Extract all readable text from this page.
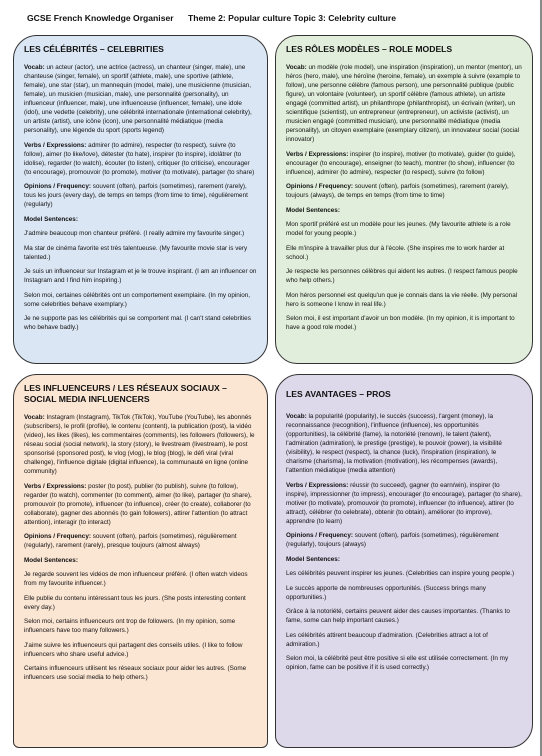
GCSE French Knowledge Organiser Theme 2: Popular culture Topic 3: Celebrity culture
LES CÉLÉBRITÉS – CELEBRITIES

Vocab: un acteur (actor), une actrice (actress), un chanteur (singer, male), une chanteuse (singer, female), un sportif (athlete, male), une sportive (athlete, female), une star (star), un mannequin (model, male), une musicienne (musician, female), un musicien (musician, male), une personnalité (personality), un influenceur (influencer, male), une influenceuse (influencer, female), une idole (idol), une vedette (celebrity), une célébrité internationale (international celebrity), un artiste (artist), une icône (icon), une personnalité médiatique (media personality), une légende du sport (sports legend)

Verbs / Expressions: admirer (to admire), respecter (to respect), suivre (to follow), aimer (to like/love), détester (to hate), inspirer (to inspire), idolâtrer (to idolise), regarder (to watch), écouter (to listen), critiquer (to criticise), encourager (to encourage), promouvoir (to promote), motiver (to motivate), partager (to share)

Opinions / Frequency: souvent (often), parfois (sometimes), rarement (rarely), tous les jours (every day), de temps en temps (from time to time), régulièrement (regularly)

Model Sentences:

J'admire beaucoup mon chanteur préféré. (I really admire my favourite singer.)

Ma star de cinéma favorite est très talentueuse. (My favourite movie star is very talented.)

Je suis un influenceur sur Instagram et je le trouve inspirant. (I am an influencer on Instagram and I find him inspiring.)

Selon moi, certaines célébrités ont un comportement exemplaire. (In my opinion, some celebrities behave exemplary.)

Je ne supporte pas les célébrités qui se comportent mal. (I can't stand celebrities who behave badly.)

LES RÔLES MODÈLES – ROLE MODELS

Vocab: un modèle (role model), une inspiration (inspiration), un mentor (mentor), un héros (hero, male), une héroïne (heroine, female), un exemple à suivre (example to follow), une personne célèbre (famous person), une personnalité publique (public figure), un volontaire (volunteer), un sportif célèbre (famous athlete), un artiste engagé (committed artist), un philanthrope (philanthropist), un écrivain (writer), un scientifique (scientist), un entrepreneur (entrepreneur), un activiste (activist), un musicien engagé (committed musician), une personnalité médiatique (media personality), un citoyen exemplaire (exemplary citizen), un innovateur social (social innovator)

Verbs / Expressions: inspirer (to inspire), motiver (to motivate), guider (to guide), encourager (to encourage), enseigner (to teach), montrer (to show), influencer (to influence), admirer (to admire), respecter (to respect), suivre (to follow)

Opinions / Frequency: souvent (often), parfois (sometimes), rarement (rarely), toujours (always), de temps en temps (from time to time)

Model Sentences:

Mon sportif préféré est un modèle pour les jeunes. (My favourite athlete is a role model for young people.)

Elle m'inspire à travailler plus dur à l'école. (She inspires me to work harder at school.)

Je respecte les personnes célèbres qui aident les autres. (I respect famous people who help others.)

Mon héros personnel est quelqu'un que je connais dans la vie réelle. (My personal hero is someone I know in real life.)

Selon moi, il est important d'avoir un bon modèle. (In my opinion, it is important to have a good role model.)

LES INFLUENCEURS / LES RÉSEAUX SOCIAUX – SOCIAL MEDIA INFLUENCERS

Vocab: Instagram (Instagram), TikTok (TikTok), YouTube (YouTube), les abonnés (subscribers), le profil (profile), le contenu (content), la publication (post), la vidéo (video), les likes (likes), les commentaires (comments), les followers (followers), le réseau social (social network), la story (story), le livestream (livestream), le post sponsorisé (sponsored post), le vlog (vlog), le blog (blog), le défi viral (viral challenge), l'influence digitale (digital influence), la communauté en ligne (online community)

Verbs / Expressions: poster (to post), publier (to publish), suivre (to follow), regarder (to watch), commenter (to comment), aimer (to like), partager (to share), promouvoir (to promote), influencer (to influence), créer (to create), collaborer (to collaborate), gagner des abonnés (to gain followers), attirer l'attention (to attract attention), interagir (to interact)

Opinions / Frequency: souvent (often), parfois (sometimes), régulièrement (regularly), rarement (rarely), presque toujours (almost always)

Model Sentences:

Je regarde souvent les vidéos de mon influenceur préféré. (I often watch videos from my favourite influencer.)

Elle publie du contenu intéressant tous les jours. (She posts interesting content every day.)

Selon moi, certains influenceurs ont trop de followers. (In my opinion, some influencers have too many followers.)

J'aime suivre les influenceurs qui partagent des conseils utiles. (I like to follow influencers who share useful advice.)

Certains influenceurs utilisent les réseaux sociaux pour aider les autres. (Some influencers use social media to help others.)

LES AVANTAGES – PROS

Vocab: la popularité (popularity), le succès (success), l'argent (money), la reconnaissance (recognition), l'influence (influence), les opportunités (opportunities), la célébrité (fame), la notoriété (renown), le talent (talent), l'admiration (admiration), le prestige (prestige), le pouvoir (power), la visibilité (visibility), le respect (respect), la chance (luck), l'inspiration (inspiration), le charisme (charisma), la motivation (motivation), les récompenses (awards), l'attention médiatique (media attention)

Verbs / Expressions: réussir (to succeed), gagner (to earn/win), inspirer (to inspire), impressionner (to impress), encourager (to encourage), partager (to share), motiver (to motivate), promouvoir (to promote), influencer (to influence), attirer (to attract), célébrer (to celebrate), obtenir (to obtain), améliorer (to improve), apprendre (to learn)

Opinions / Frequency: souvent (often), parfois (sometimes), régulièrement (regularly), toujours (always)

Model Sentences:

Les célébrités peuvent inspirer les jeunes. (Celebrities can inspire young people.)

Le succès apporte de nombreuses opportunités. (Success brings many opportunities.)

Grâce à la notoriété, certains peuvent aider des causes importantes. (Thanks to fame, some can help important causes.)

Les célébrités attirent beaucoup d'admiration. (Celebrities attract a lot of admiration.)

Selon moi, la célébrité peut être positive si elle est utilisée correctement. (In my opinion, fame can be positive if it is used correctly.)
